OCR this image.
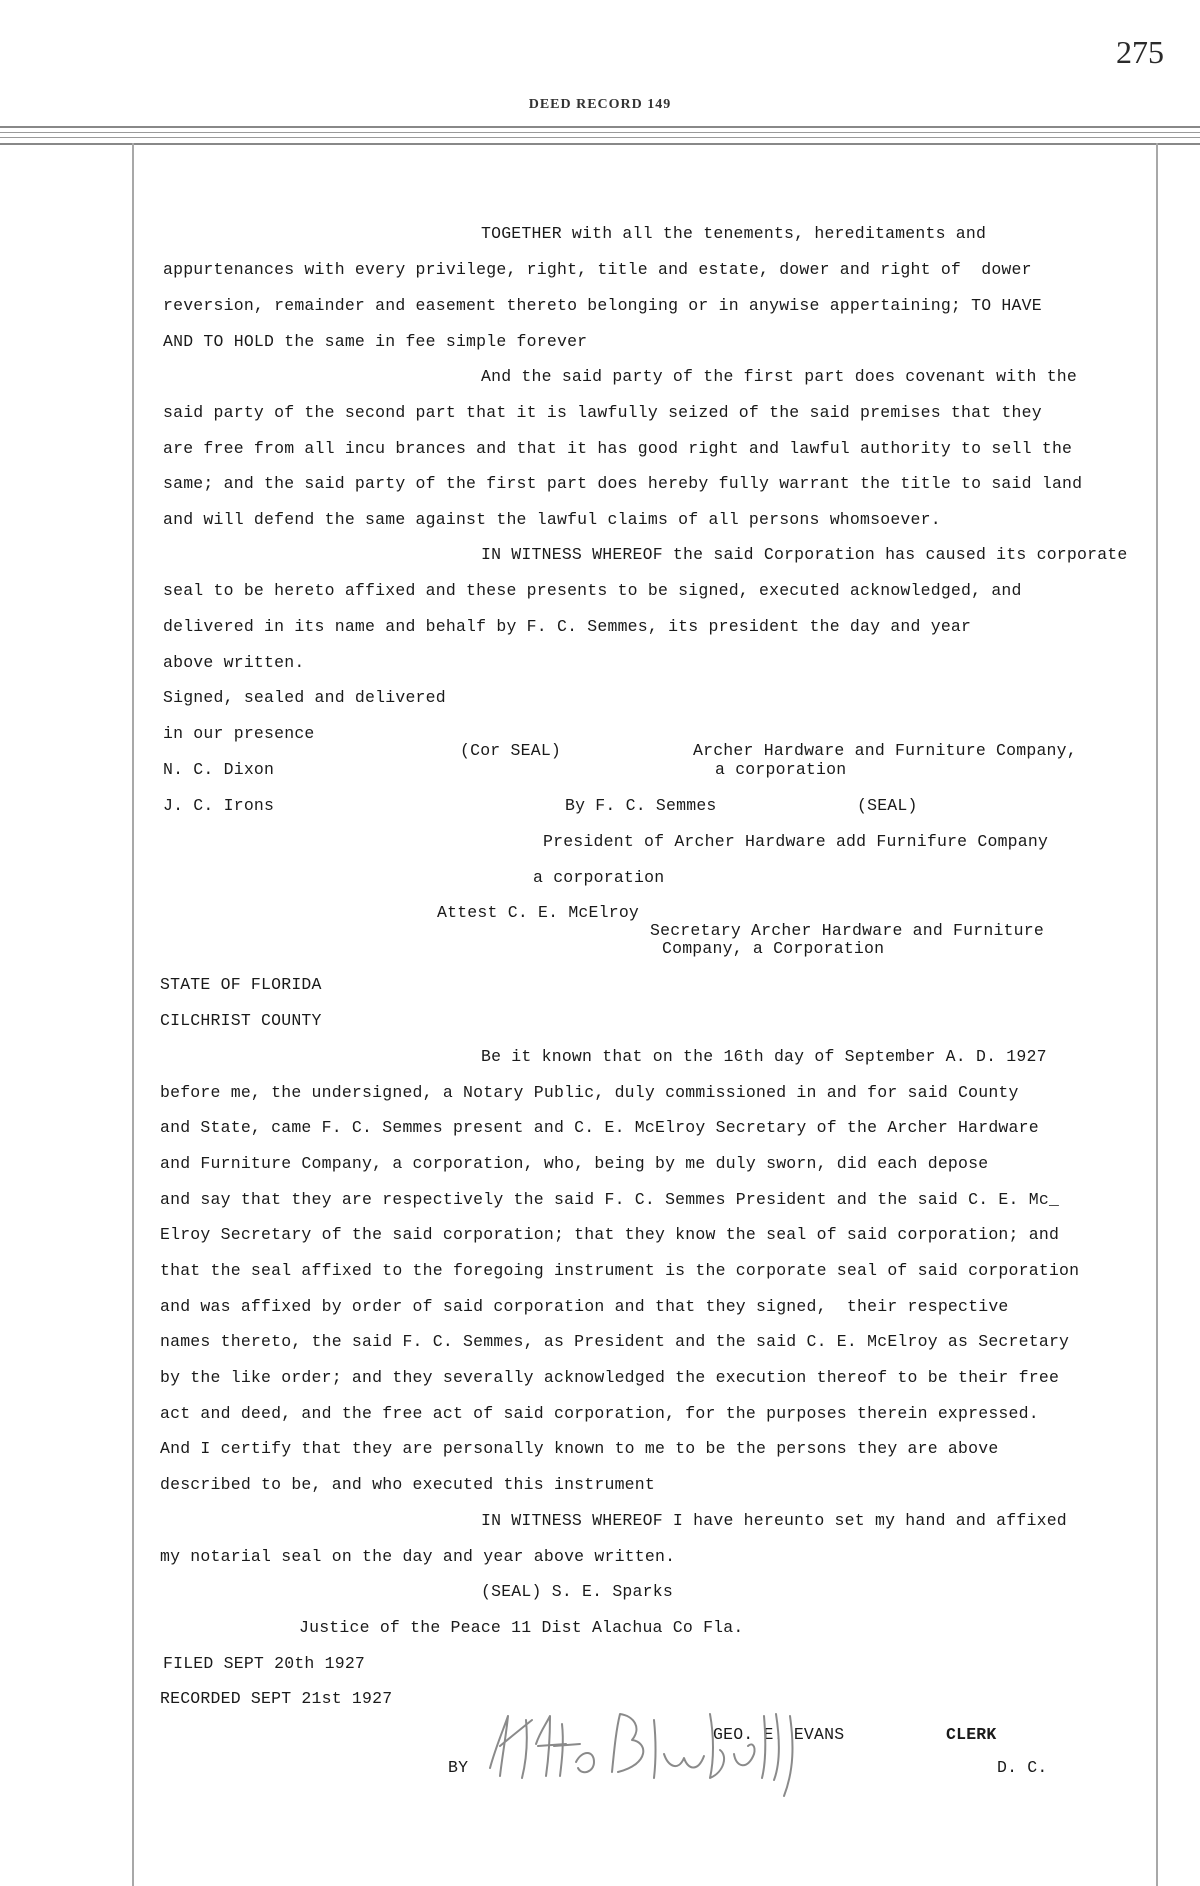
275
DEED RECORD 149
TOGETHER with all the tenements, hereditaments and
appurtenances with every privilege, right, title and estate, dower and right of  dower
reversion, remainder and easement thereto belonging or in anywise appertaining; TO HAVE
AND TO HOLD the same in fee simple forever
And the said party of the first part does covenant with the
said party of the second part that it is lawfully seized of the said premises that they
are free from all incu brances and that it has good right and lawful authority to sell the
same; and the said party of the first part does hereby fully warrant the title to said land
and will defend the same against the lawful claims of all persons whomsoever.
IN WITNESS WHEREOF the said Corporation has caused its corporate
seal to be hereto affixed and these presents to be signed, executed acknowledged, and
delivered in its name and behalf by F. C. Semmes, its president the day and year
above written.
Signed, sealed and delivered
in our presence
(Cor SEAL)	Archer Hardware and Furniture Company,
a corporation
N. C. Dixon
J. C. Irons	By F. C. Semmes	(SEAL)
President of Archer Hardware add Furnifure Company
a corporation
Attest C. E. McElroy
Secretary Archer Hardware and Furniture
Company, a Corporation
STATE OF FLORIDA
CILCHRIST COUNTY
Be it known that on the 16th day of September A. D. 1927
before me, the undersigned, a Notary Public, duly commissioned in and for said County
and State, came F. C. Semmes present and C. E. McElroy Secretary of the Archer Hardware
and Furniture Company, a corporation, who, being by me duly sworn, did each depose
and say that they are respectively the said F. C. Semmes President and the said C. E. Mc_
Elroy Secretary of the said corporation; that they know the seal of said corporation; and
that the seal affixed to the foregoing instrument is the corporate seal of said corporation
and was affixed by order of said corporation and that they signed,  their respective
names thereto, the said F. C. Semmes, as President and the said C. E. McElroy as Secretary
by the like order; and they severally acknowledged the execution thereof to be their free
act and deed, and the free act of said corporation, for the purposes therein expressed.
And I certify that they are personally known to me to be the persons they are above
described to be, and who executed this instrument
IN WITNESS WHEREOF I have hereunto set my hand and affixed
my notarial seal on the day and year above written.
(SEAL) S. E. Sparks
Justice of the Peace 11 Dist Alachua Co Fla.
FILED SEPT 20th 1927
RECORDED SEPT 21st 1927
GEO. E. EVANS	CLERK
BY	D. C.
